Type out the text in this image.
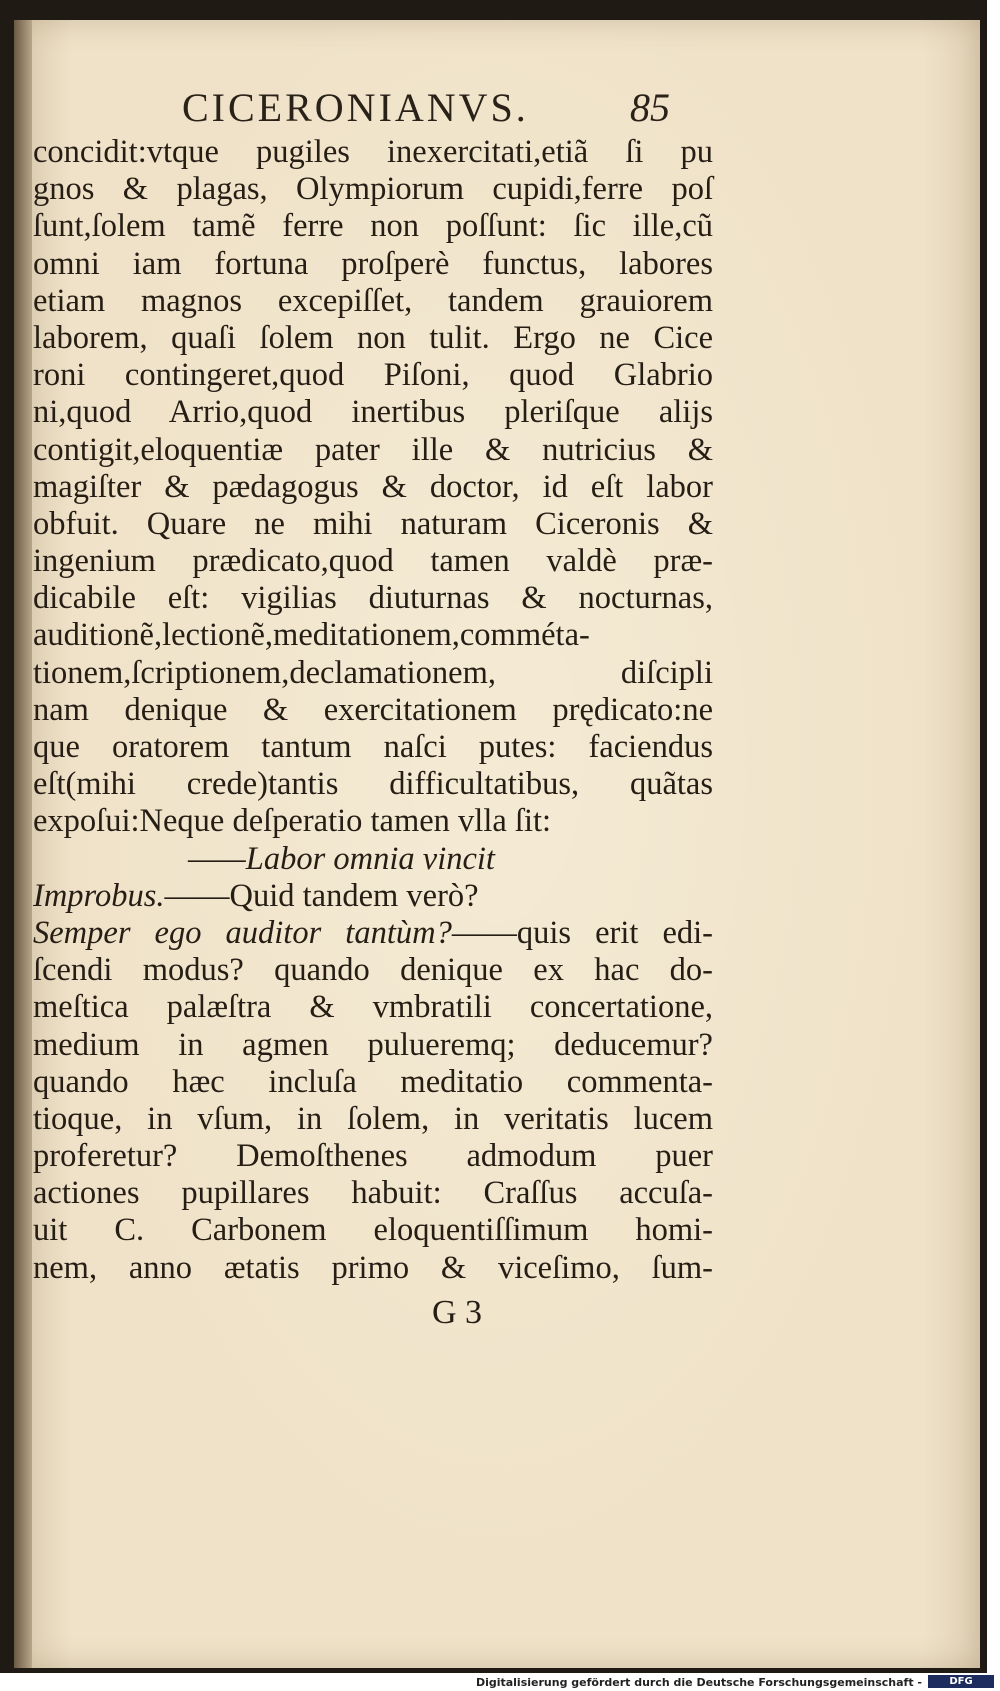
CICERONIANVS.	85
concidit:vtque pugiles inexercitati,etiã ſi pu
gnos & plagas, Olympiorum cupidi,ferre poſ
ſunt,ſolem tamẽ ferre non poſſunt: ſic ille,cũ
omni iam fortuna proſperè functus, labores
etiam magnos excepiſſet, tandem grauiorem
laborem, quaſi ſolem non tulit. Ergo ne Cice
roni contingeret,quod Piſoni, quod Glabrio
ni,quod Arrio,quod inertibus pleriſque alijs
contigit,eloquentiæ pater ille & nutricius &
magiſter & pædagogus & doctor, id eſt labor
obfuit. Quare ne mihi naturam Ciceronis &
ingenium prædicato,quod tamen valdè præ-
dicabile eſt: vigilias diuturnas & nocturnas,
auditionẽ,lectionẽ,meditationem,comméta-
tionem,ſcriptionem,declamationem, diſcipli
nam denique & exercitationem prędicato:ne
que oratorem tantum naſci putes: faciendus
eſt(mihi crede)tantis difficultatibus, quãtas
expoſui:Neque deſperatio tamen vlla ſit:
——Labor omnia vincit
Improbus.——Quid tandem verò?
Semper ego auditor tantùm?——quis erit edi-
ſcendi modus? quando denique ex hac do-
meſtica palæſtra & vmbratili concertatione,
medium in agmen pulueremq; deducemur?
quando hæc incluſa meditatio commenta-
tioque, in vſum, in ſolem, in veritatis lucem
proferetur? Demoſthenes admodum puer
actiones pupillares habuit: Craſſus accuſa-
uit C. Carbonem eloquentiſſimum homi-
nem, anno ætatis primo & viceſimo, ſum-
G 3
Digitalisierung gefördert durch die Deutsche Forschungsgemeinschaft -	DFG
